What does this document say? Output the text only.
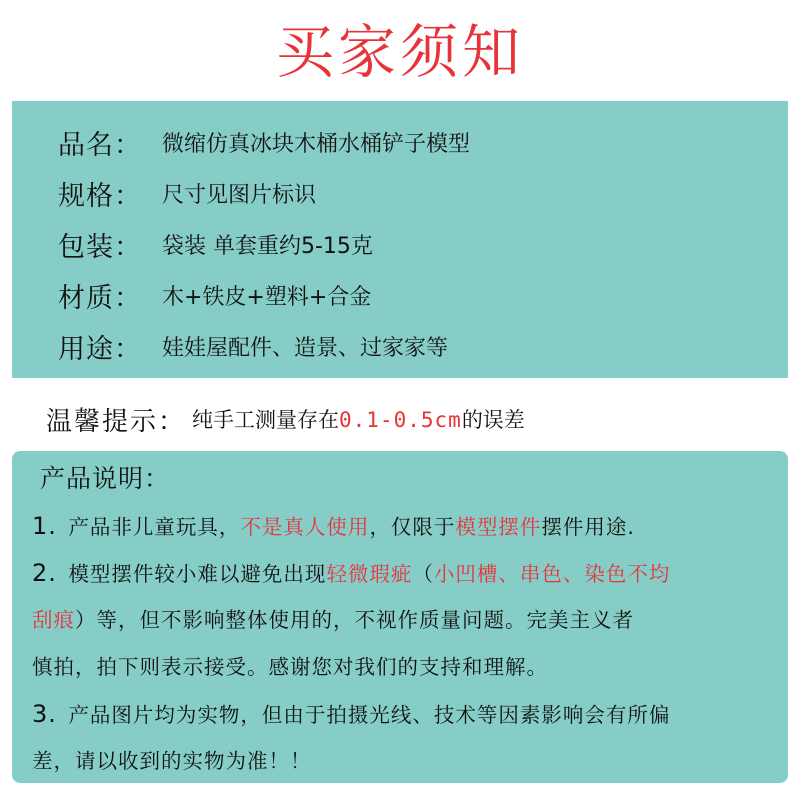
买家须知
品名： 微缩仿真冰块木桶水桶铲子模型
规格： 尺寸见图片标识
包装： 袋装 单套重约5-15克
材质： 木+铁皮+塑料+合金
用途： 娃娃屋配件、造景、过家家等
温馨提示： 纯手工测量存在0.1-0.5cm的误差
产品说明：
1. 产品非儿童玩具，不是真人使用，仅限于模型摆件摆件用途.
2. 模型摆件较小难以避免出现轻微瑕疵（小凹槽、串色、染色不均
刮痕）等，但不影响整体使用的，不视作质量问题。完美主义者
慎拍，拍下则表示接受。感谢您对我们的支持和理解。
3. 产品图片均为实物，但由于拍摄光线、技术等因素影响会有所偏
差，请以收到的实物为准！！
